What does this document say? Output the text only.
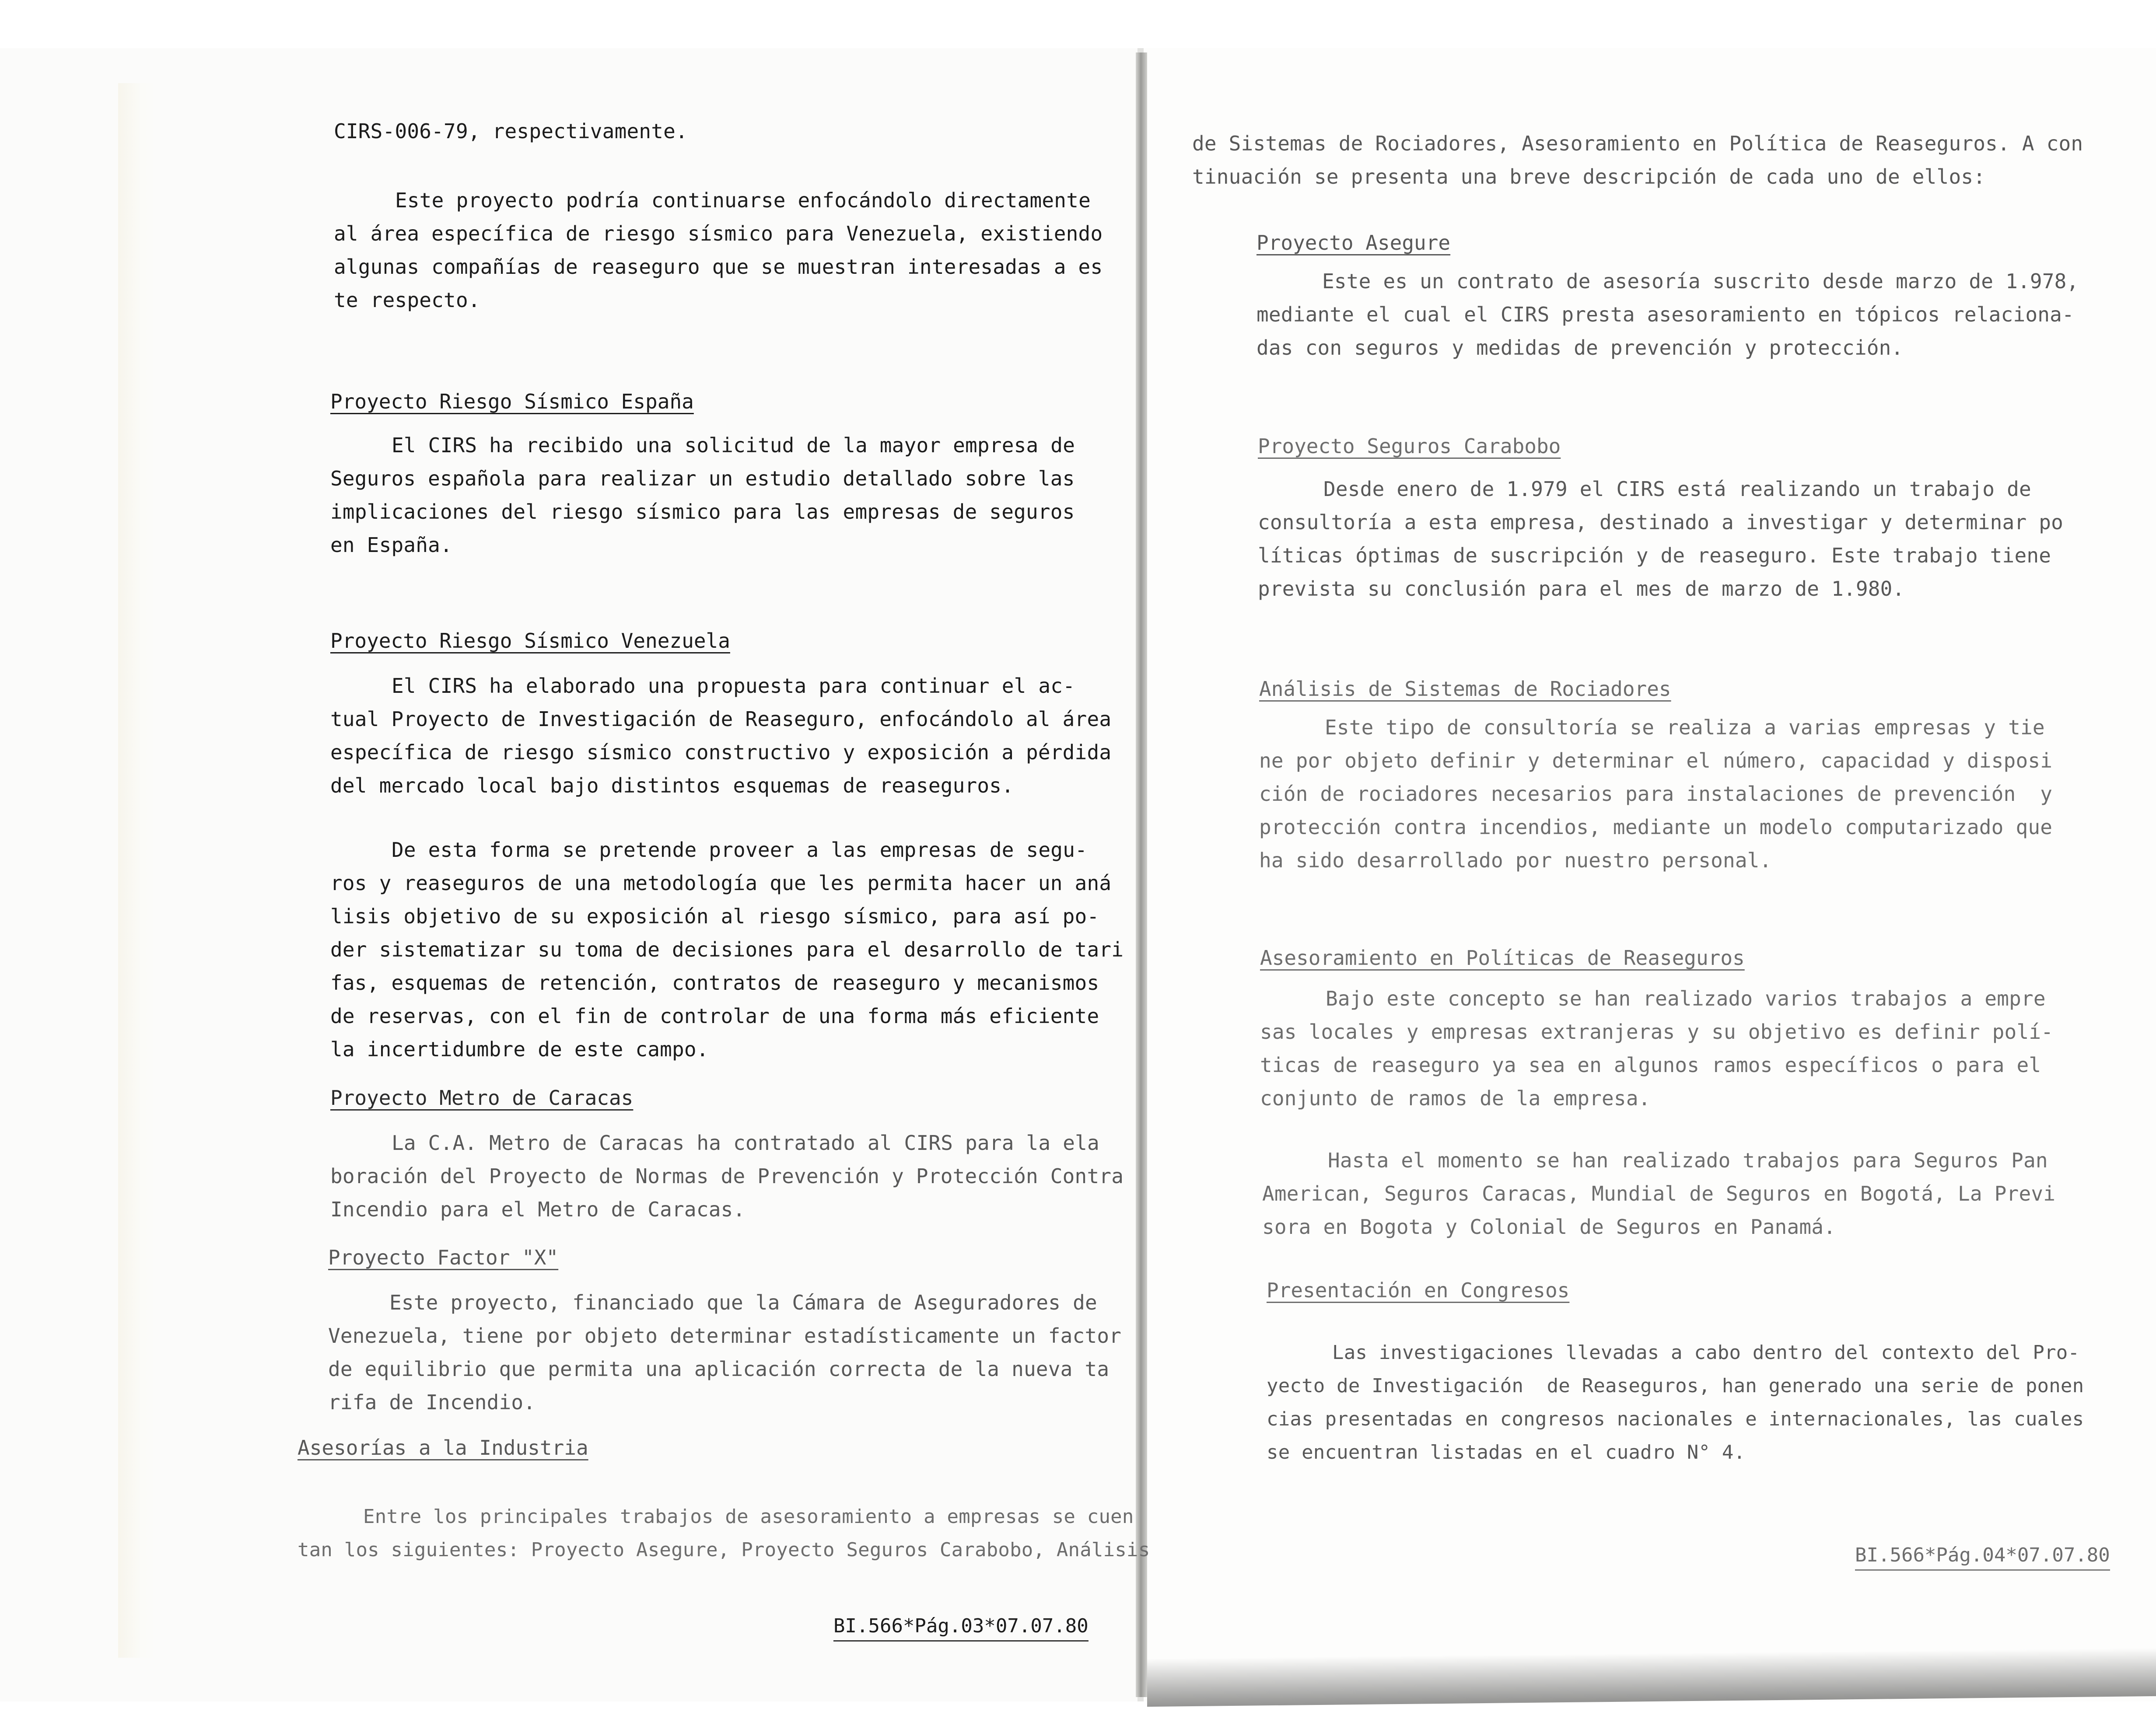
CIRS-006-79, respectivamente.
Este proyecto podría continuarse enfocándolo directamente
al área específica de riesgo sísmico para Venezuela, existiendo
algunas compañías de reaseguro que se muestran interesadas a es
te respecto.
Proyecto Riesgo Sísmico España
El CIRS ha recibido una solicitud de la mayor empresa de
Seguros española para realizar un estudio detallado sobre las
implicaciones del riesgo sísmico para las empresas de seguros
en España.
Proyecto Riesgo Sísmico Venezuela
El CIRS ha elaborado una propuesta para continuar el ac-
tual Proyecto de Investigación de Reaseguro, enfocándolo al área
específica de riesgo sísmico constructivo y exposición a pérdida
del mercado local bajo distintos esquemas de reaseguros.
De esta forma se pretende proveer a las empresas de segu-
ros y reaseguros de una metodología que les permita hacer un aná
lisis objetivo de su exposición al riesgo sísmico, para así po-
der sistematizar su toma de decisiones para el desarrollo de tari
fas, esquemas de retención, contratos de reaseguro y mecanismos
de reservas, con el fin de controlar de una forma más eficiente
la incertidumbre de este campo.
Proyecto Metro de Caracas
La C.A. Metro de Caracas ha contratado al CIRS para la ela
boración del Proyecto de Normas de Prevención y Protección Contra
Incendio para el Metro de Caracas.
Proyecto Factor "X"
Este proyecto, financiado que la Cámara de Aseguradores de
Venezuela, tiene por objeto determinar estadísticamente un factor
de equilibrio que permita una aplicación correcta de la nueva ta
rifa de Incendio.
Asesorías a la Industria
Entre los principales trabajos de asesoramiento a empresas se cuen
tan los siguientes: Proyecto Asegure, Proyecto Seguros Carabobo, Análisis
BI.566*Pág.03*07.07.80
de Sistemas de Rociadores, Asesoramiento en Política de Reaseguros. A con
tinuación se presenta una breve descripción de cada uno de ellos:
Proyecto Asegure
Este es un contrato de asesoría suscrito desde marzo de 1.978,
mediante el cual el CIRS presta asesoramiento en tópicos relaciona-
das con seguros y medidas de prevención y protección.
Proyecto Seguros Carabobo
Desde enero de 1.979 el CIRS está realizando un trabajo de
consultoría a esta empresa, destinado a investigar y determinar po
líticas óptimas de suscripción y de reaseguro. Este trabajo tiene
prevista su conclusión para el mes de marzo de 1.980.
Análisis de Sistemas de Rociadores
Este tipo de consultoría se realiza a varias empresas y tie
ne por objeto definir y determinar el número, capacidad y disposi
ción de rociadores necesarios para instalaciones de prevención  y
protección contra incendios, mediante un modelo computarizado que
ha sido desarrollado por nuestro personal.
Asesoramiento en Políticas de Reaseguros
Bajo este concepto se han realizado varios trabajos a empre
sas locales y empresas extranjeras y su objetivo es definir polí-
ticas de reaseguro ya sea en algunos ramos específicos o para el
conjunto de ramos de la empresa.
Hasta el momento se han realizado trabajos para Seguros Pan
American, Seguros Caracas, Mundial de Seguros en Bogotá, La Previ
sora en Bogota y Colonial de Seguros en Panamá.
Presentación en Congresos
Las investigaciones llevadas a cabo dentro del contexto del Pro-
yecto de Investigación  de Reaseguros, han generado una serie de ponen
cias presentadas en congresos nacionales e internacionales, las cuales
se encuentran listadas en el cuadro N° 4.
BI.566*Pág.04*07.07.80
